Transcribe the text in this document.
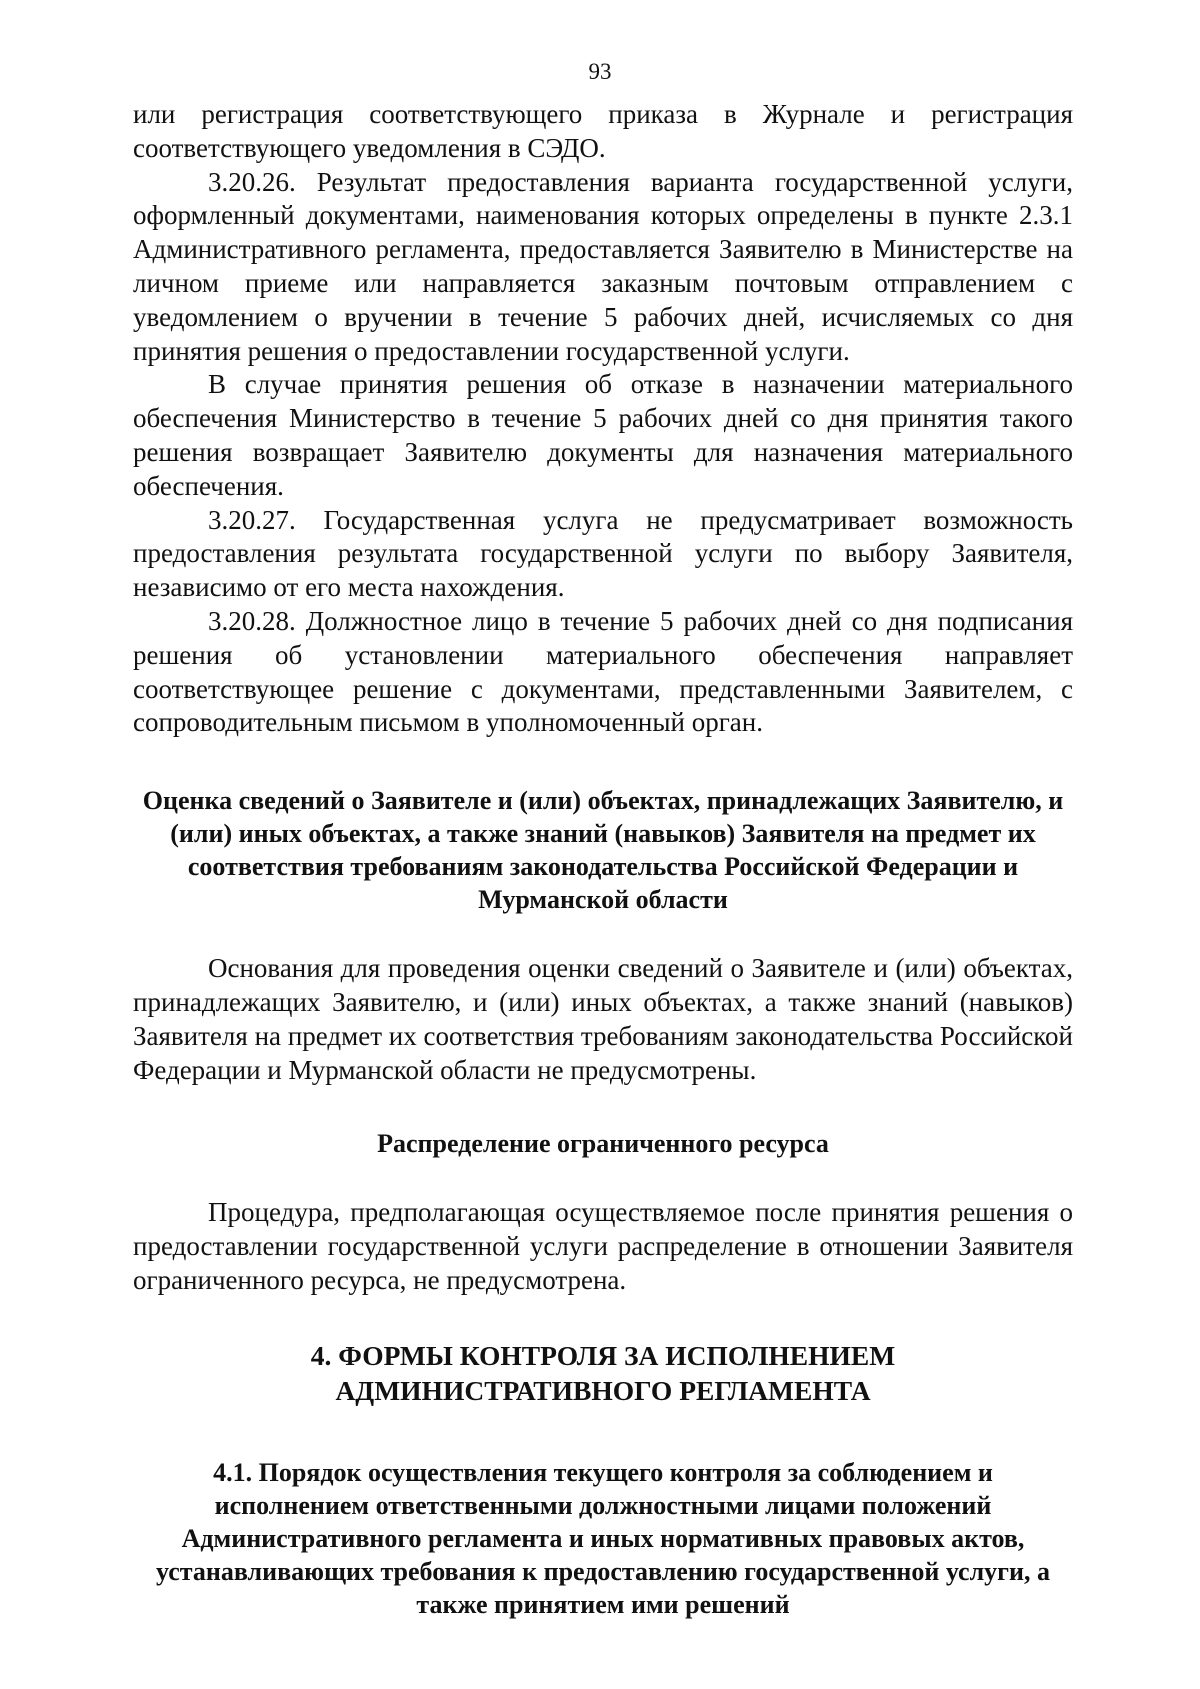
93

или регистрация соответствующего приказа в Журнале и регистрация соответствующего уведомления в СЭДО.

3.20.26. Результат предоставления варианта государственной услуги, оформленный документами, наименования которых определены в пункте 2.3.1 Административного регламента, предоставляется Заявителю в Министерстве на личном приеме или направляется заказным почтовым отправлением с уведомлением о вручении в течение 5 рабочих дней, исчисляемых со дня принятия решения о предоставлении государственной услуги.

В случае принятия решения об отказе в назначении материального обеспечения Министерство в течение 5 рабочих дней со дня принятия такого решения возвращает Заявителю документы для назначения материального обеспечения.

3.20.27. Государственная услуга не предусматривает возможность предоставления результата государственной услуги по выбору Заявителя, независимо от его места нахождения.

3.20.28. Должностное лицо в течение 5 рабочих дней со дня подписания решения об установлении материального обеспечения направляет соответствующее решение с документами, представленными Заявителем, с сопроводительным письмом в уполномоченный орган.

Оценка сведений о Заявителе и (или) объектах, принадлежащих Заявителю, и (или) иных объектах, а также знаний (навыков) Заявителя на предмет их соответствия требованиям законодательства Российской Федерации и Мурманской области

Основания для проведения оценки сведений о Заявителе и (или) объектах, принадлежащих Заявителю, и (или) иных объектах, а также знаний (навыков) Заявителя на предмет их соответствия требованиям законодательства Российской Федерации и Мурманской области не предусмотрены.

Распределение ограниченного ресурса

Процедура, предполагающая осуществляемое после принятия решения о предоставлении государственной услуги распределение в отношении Заявителя ограниченного ресурса, не предусмотрена.

4. ФОРМЫ КОНТРОЛЯ ЗА ИСПОЛНЕНИЕМ
АДМИНИСТРАТИВНОГО РЕГЛАМЕНТА
4.1. Порядок осуществления текущего контроля за соблюдением и исполнением ответственными должностными лицами положений Административного регламента и иных нормативных правовых актов, устанавливающих требования к предоставлению государственной услуги, а также принятием ими решений
